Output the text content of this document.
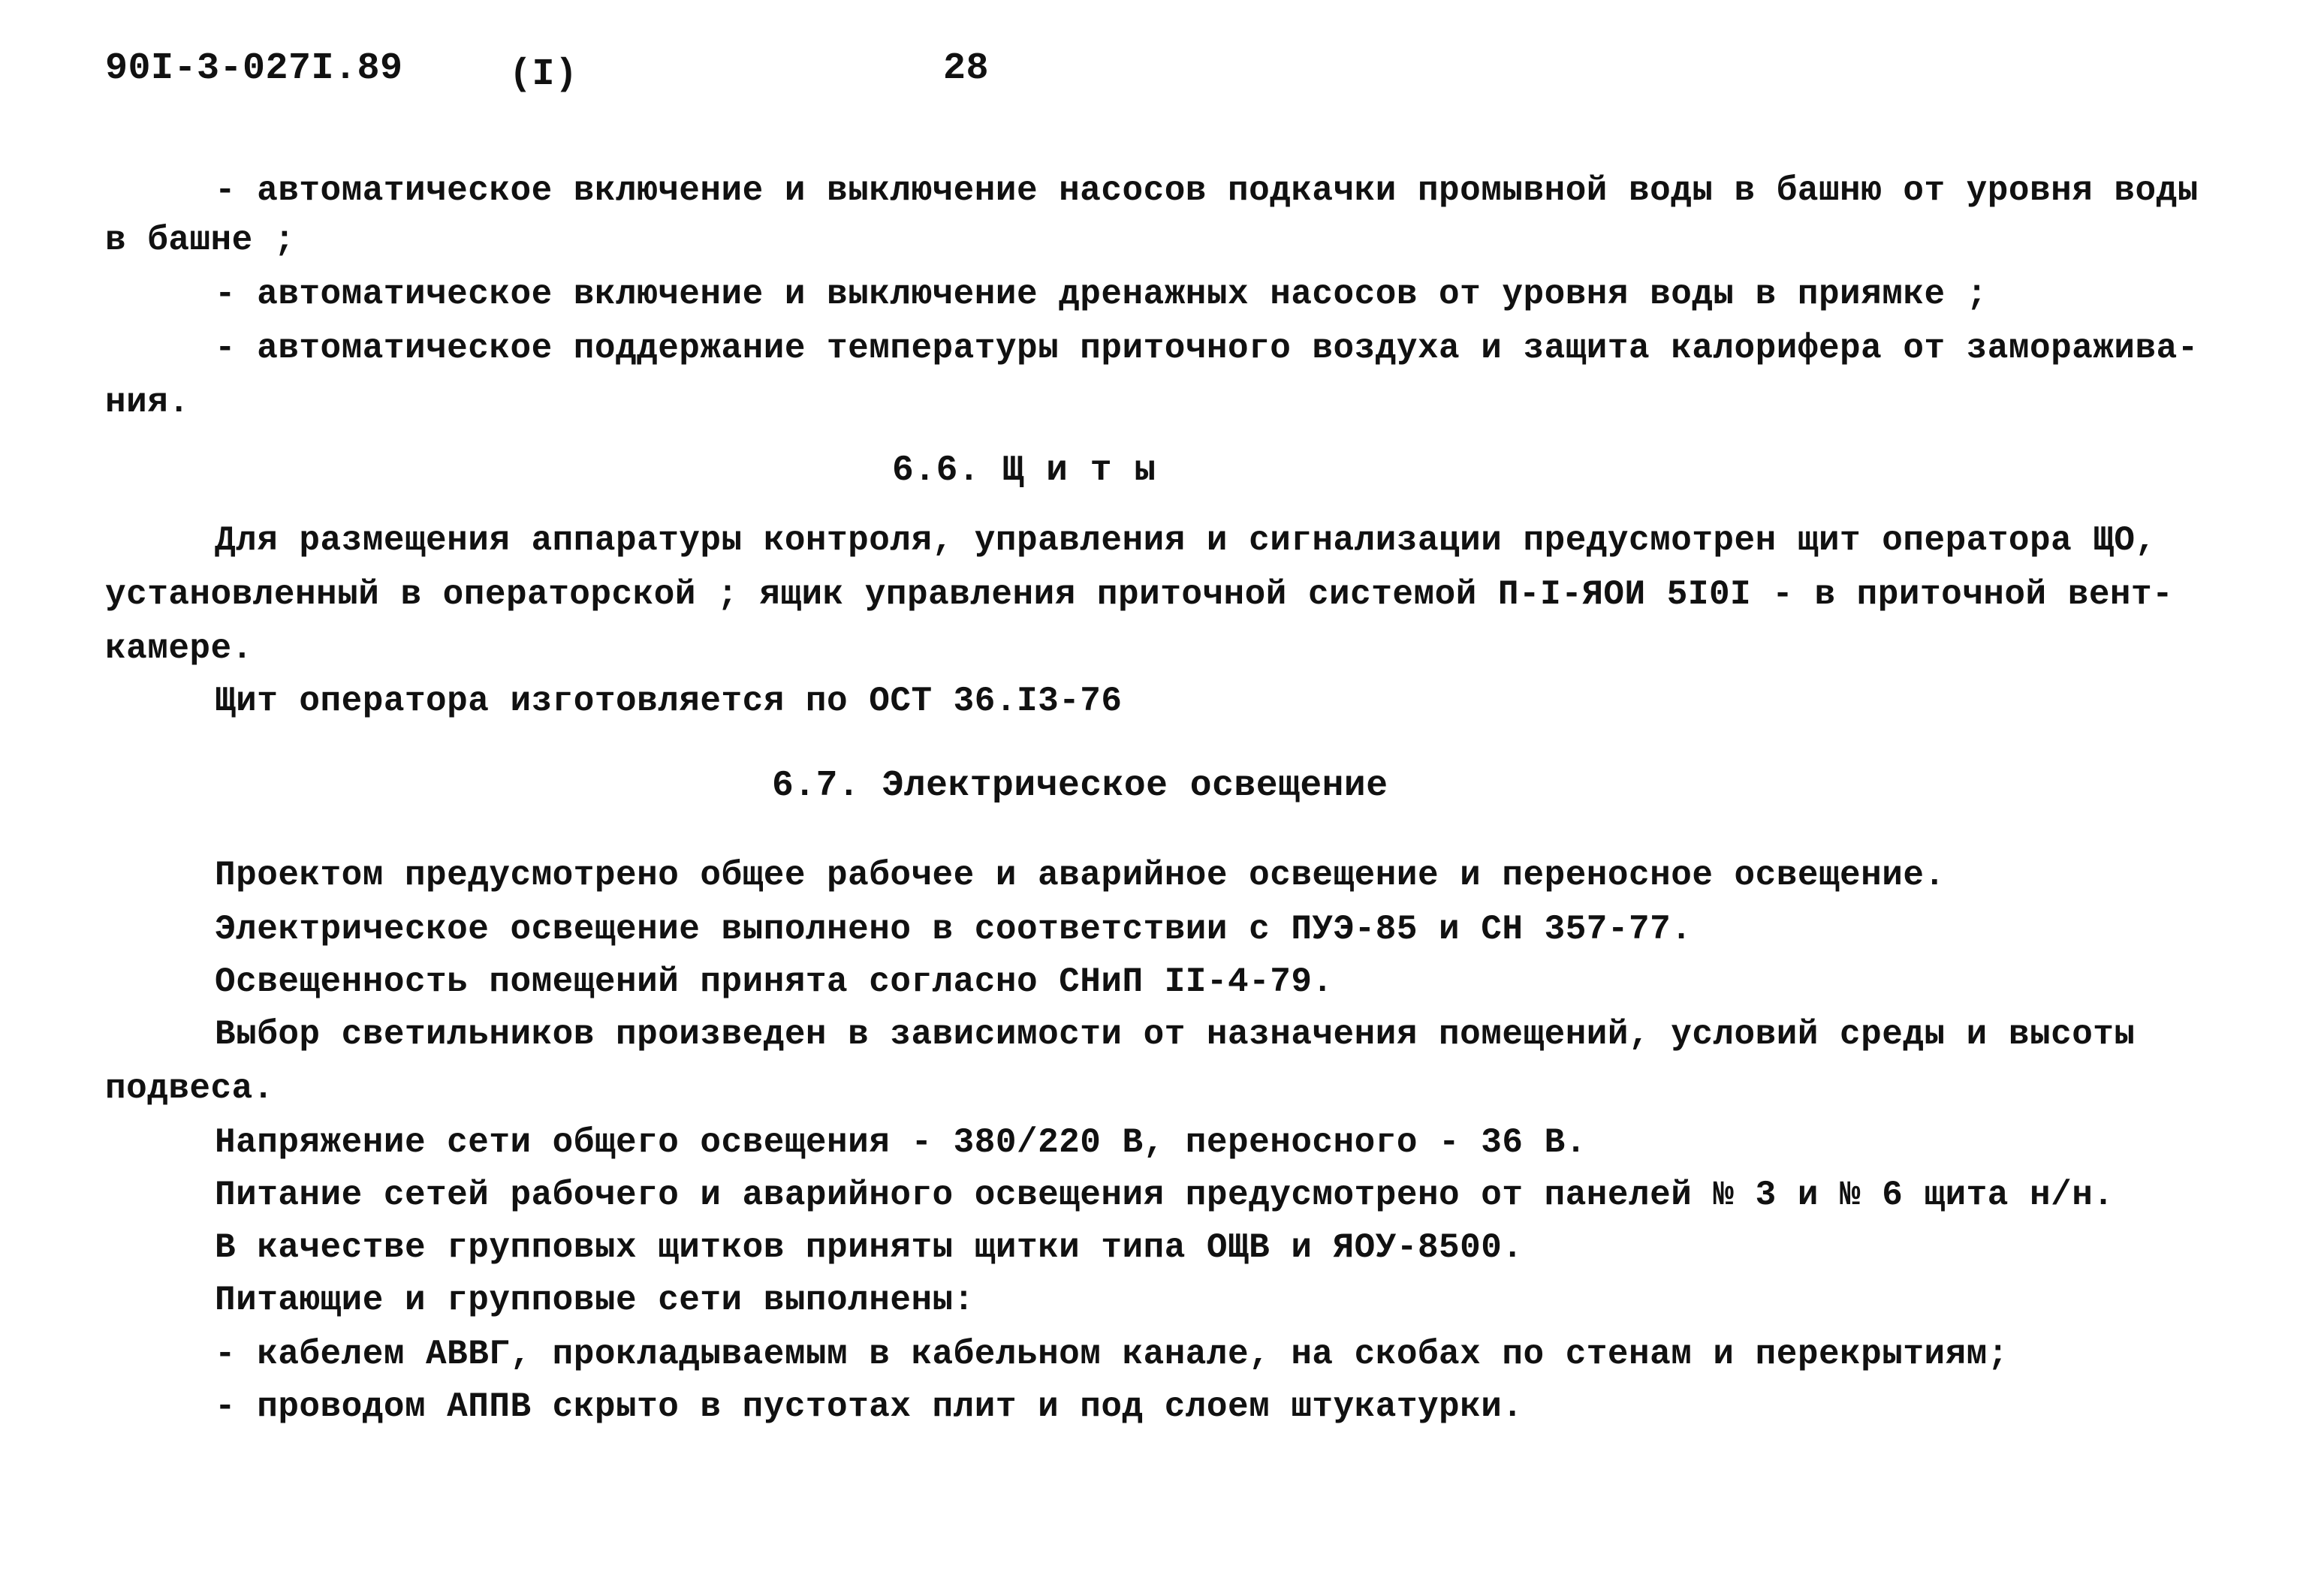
90I-3-027I.89	(I)	28
- автоматическое включение и выключение насосов подкачки промывной воды в башню от уровня воды
в башне ;
- автоматическое включение и выключение дренажных насосов от уровня воды в приямке ;
- автоматическое поддержание температуры приточного воздуха и защита калорифера от замораживa-
ния.
6.6. Щ и т ы
Для размещения аппаратуры контроля, управления и сигнализации предусмотрен щит оператора ЩО,
установленный в операторской ; ящик управления приточной системой П-I-ЯОИ 5I0I - в приточной вент-
камере.
Щит оператора изготовляется по ОСТ 36.I3-76
6.7. Электрическое освещение
Проектом предусмотрено общее рабочее и аварийное освещение и переносное освещение.
Электрическое освещение выполнено в соответствии с ПУЭ-85 и СН 357-77.
Освещенность помещений принята согласно СНиП II-4-79.
Выбор светильников произведен в зависимости от назначения помещений, условий среды и высоты
подвеса.
Напряжение сети общего освещения - 380/220 В, переносного - 36 В.
Питание сетей рабочего и аварийного освещения предусмотрено от панелей № 3 и № 6 щита н/н.
В качестве групповых щитков приняты щитки типа ОЩВ и ЯОУ-8500.
Питающие и групповые сети выполнены:
- кабелем АВВГ, прокладываемым в кабельном канале, на скобах по стенам и перекрытиям;
- проводом АППВ скрыто в пустотах плит и под слоем штукатурки.
